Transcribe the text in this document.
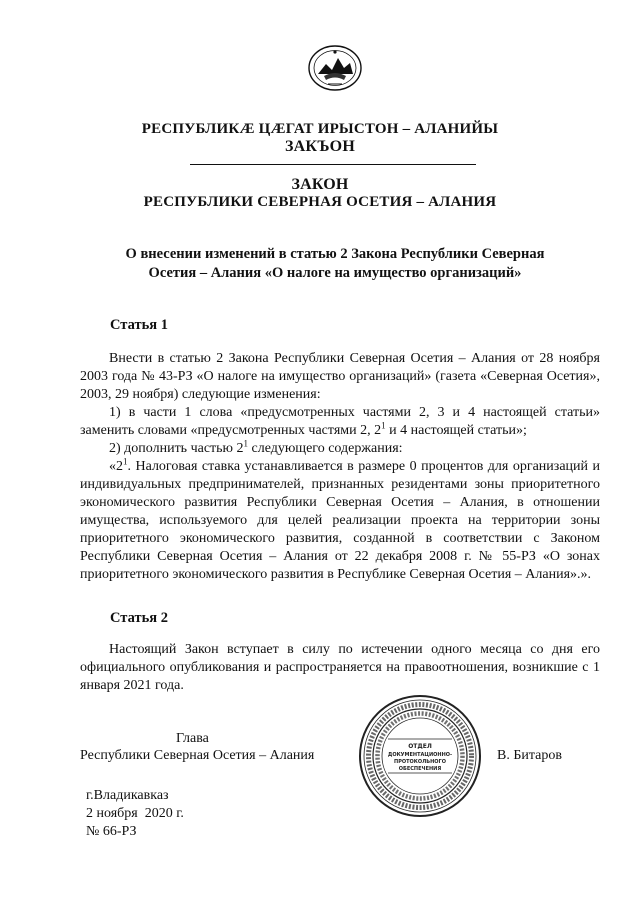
РЕСПУБЛИКӔ ЦӔГАТ ИРЫСТОН – АЛАНИЙЫ
ЗАКЪОН
ЗАКОН
РЕСПУБЛИКИ СЕВЕРНАЯ ОСЕТИЯ – АЛАНИЯ
О внесении изменений в статью 2 Закона Республики Северная
Осетия – Алания «О налоге на имущество организаций»
Статья 1

Внести в статью 2 Закона Республики Северная Осетия – Алания от 28 ноября 2003 года № 43-РЗ «О налоге на имущество организаций» (газета «Северная Осетия», 2003, 29 ноября) следующие изменения:

1) в части 1 слова «предусмотренных частями 2, 3 и 4 настоящей статьи» заменить словами «предусмотренных частями 2, $2^1$ и 4 настоящей статьи»;

2) дополнить частью $2^1$ следующего содержания:

«$2^1$. Налоговая ставка устанавливается в размере 0 процентов для организаций и индивидуальных предпринимателей, признанных резидентами зоны приоритетного экономического развития Республики Северная Осетия – Алания, в отношении имущества, используемого для целей реализации проекта на территории зоны приоритетного экономического развития, созданной в соответствии с Законом Республики Северная Осетия – Алания от 22 декабря 2008 г. № 55-РЗ «О зонах приоритетного экономического развития в Республике Северная Осетия – Алания».».

Статья 2

Настоящий Закон вступает в силу по истечении одного месяца со дня его официального опубликования и распространяется на правоотношения, возникшие с 1 января 2021 года.

Глава
Республики Северная Осетия – Алания	В. Битаров
ОТДЕЛ
ДОКУМЕНТАЦИОННО-
ПРОТОКОЛЬНОГО
ОБЕСПЕЧЕНИЯ
г.Владикавказ
2 ноября  2020 г.
№ 66-РЗ
